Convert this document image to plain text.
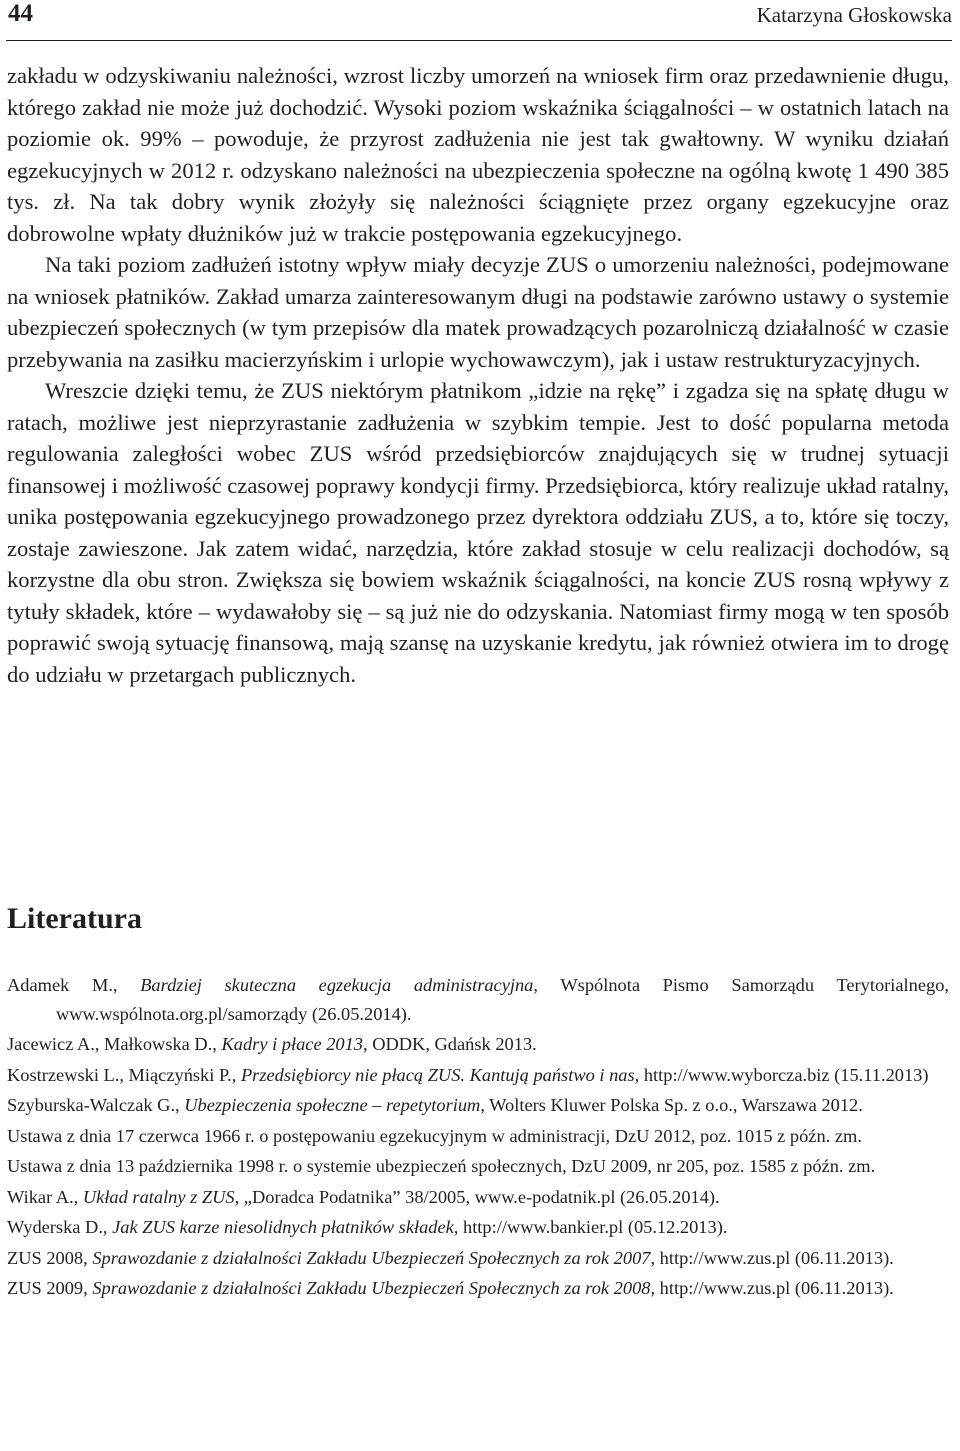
44	Katarzyna Głoskowska

zakładu w odzyskiwaniu należności, wzrost liczby umorzeń na wniosek firm oraz przedawnienie długu, którego zakład nie może już dochodzić. Wysoki poziom wskaźnika ściągalności – w ostatnich latach na poziomie ok. 99% – powoduje, że przyrost zadłużenia nie jest tak gwałtowny. W wyniku działań egzekucyjnych w 2012 r. odzyskano należności na ubezpieczenia społeczne na ogólną kwotę 1 490 385 tys. zł. Na tak dobry wynik złożyły się należności ściągnięte przez organy egzekucyjne oraz dobrowolne wpłaty dłużników już w trakcie postępowania egzekucyjnego.

Na taki poziom zadłużeń istotny wpływ miały decyzje ZUS o umorzeniu należności, podejmowane na wniosek płatników. Zakład umarza zainteresowanym długi na podstawie zarówno ustawy o systemie ubezpieczeń społecznych (w tym przepisów dla matek prowadzących pozarolniczą działalność w czasie przebywania na zasiłku macierzyńskim i urlopie wychowawczym), jak i ustaw restrukturyzacyjnych.

Wreszcie dzięki temu, że ZUS niektórym płatnikom „idzie na rękę” i zgadza się na spłatę długu w ratach, możliwe jest nieprzyrastanie zadłużenia w szybkim tempie. Jest to dość popularna metoda regulowania zaległości wobec ZUS wśród przedsiębiorców znajdujących się w trudnej sytuacji finansowej i możliwość czasowej poprawy kondycji firmy. Przedsiębiorca, który realizuje układ ratalny, unika postępowania egzekucyjnego prowadzonego przez dyrektora oddziału ZUS, a to, które się toczy, zostaje zawieszone. Jak zatem widać, narzędzia, które zakład stosuje w celu realizacji dochodów, są korzystne dla obu stron. Zwiększa się bowiem wskaźnik ściągalności, na koncie ZUS rosną wpływy z tytuły składek, które – wydawałoby się – są już nie do odzyskania. Natomiast firmy mogą w ten sposób poprawić swoją sytuację finansową, mają szansę na uzyskanie kredytu, jak również otwiera im to drogę do udziału w przetargach publicznych.

Literatura
Adamek M., Bardziej skuteczna egzekucja administracyjna, Wspólnota Pismo Samorządu Terytorialnego, www.wspólnota.org.pl/samorządy (26.05.2014).
Jacewicz A., Małkowska D., Kadry i płace 2013, ODDK, Gdańsk 2013.
Kostrzewski L., Miączyński P., Przedsiębiorcy nie płacą ZUS. Kantują państwo i nas, http://www.wyborcza.biz (15.11.2013)
Szyburska-Walczak G., Ubezpieczenia społeczne – repetytorium, Wolters Kluwer Polska Sp. z o.o., Warszawa 2012.
Ustawa z dnia 17 czerwca 1966 r. o postępowaniu egzekucyjnym w administracji, DzU 2012, poz. 1015 z późn. zm.
Ustawa z dnia 13 października 1998 r. o systemie ubezpieczeń społecznych, DzU 2009, nr 205, poz. 1585 z późn. zm.
Wikar A., Układ ratalny z ZUS, „Doradca Podatnika” 38/2005, www.e-podatnik.pl (26.05.2014).
Wyderska D., Jak ZUS karze niesolidnych płatników składek, http://www.bankier.pl (05.12.2013).
ZUS 2008, Sprawozdanie z działalności Zakładu Ubezpieczeń Społecznych za rok 2007, http://www.zus.pl (06.11.2013).
ZUS 2009, Sprawozdanie z działalności Zakładu Ubezpieczeń Społecznych za rok 2008, http://www.zus.pl (06.11.2013).
